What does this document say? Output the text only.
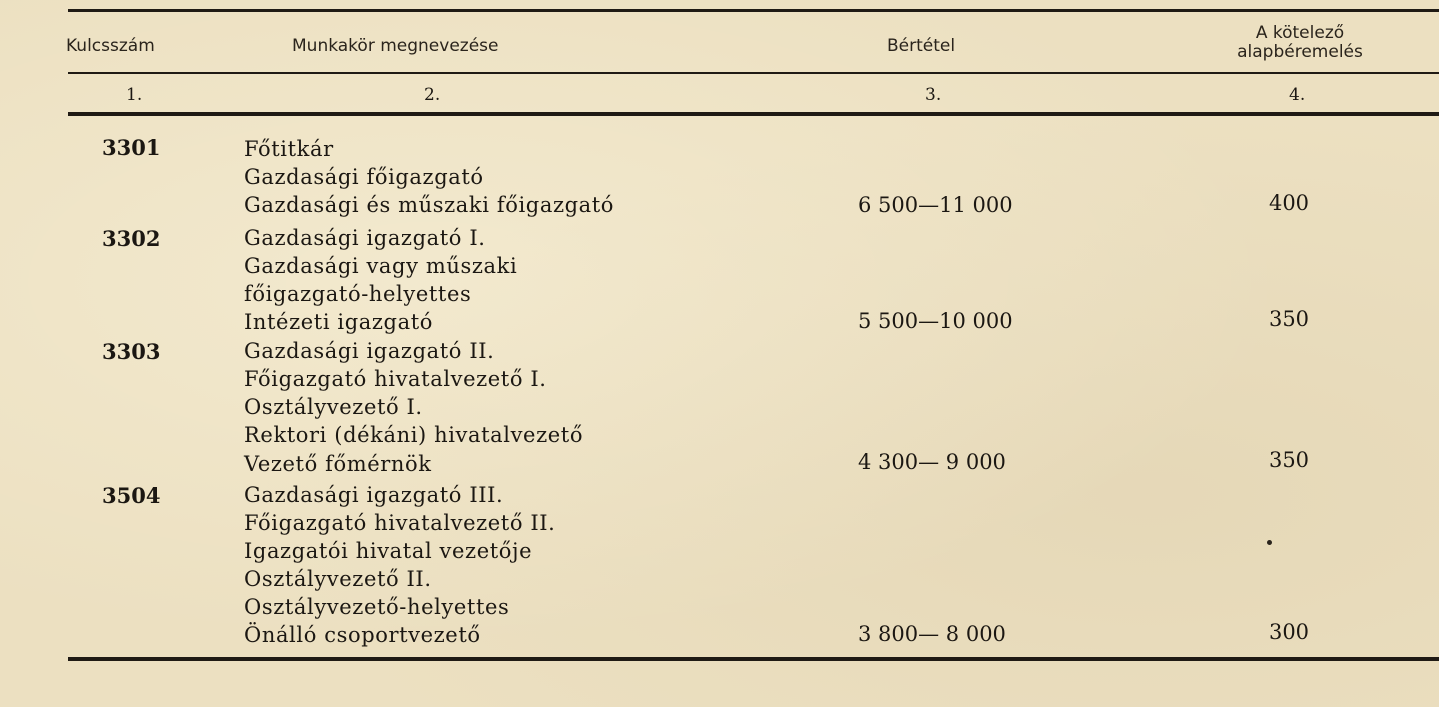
Kulcsszám	Munkakör megnevezése	Bértétel
A kötelező
alapbéremelés
1.	2.	3.	4.
3301	Főtitkár
Gazdasági főigazgató
Gazdasági és műszaki főigazgató	6 500—11 000	400
3302	Gazdasági igazgató I.
Gazdasági vagy műszaki
főigazgató-helyettes
Intézeti igazgató	5 500—10 000	350
3303	Gazdasági igazgató II.
Főigazgató hivatalvezető I.
Osztályvezető I.
Rektori (dékáni) hivatalvezető
Vezető főmérnök	4 300— 9 000	350
3504	Gazdasági igazgató III.
Főigazgató hivatalvezető II.
Igazgatói hivatal vezetője
Osztályvezető II.
Osztályvezető-helyettes
Önálló csoportvezető	3 800— 8 000	300
